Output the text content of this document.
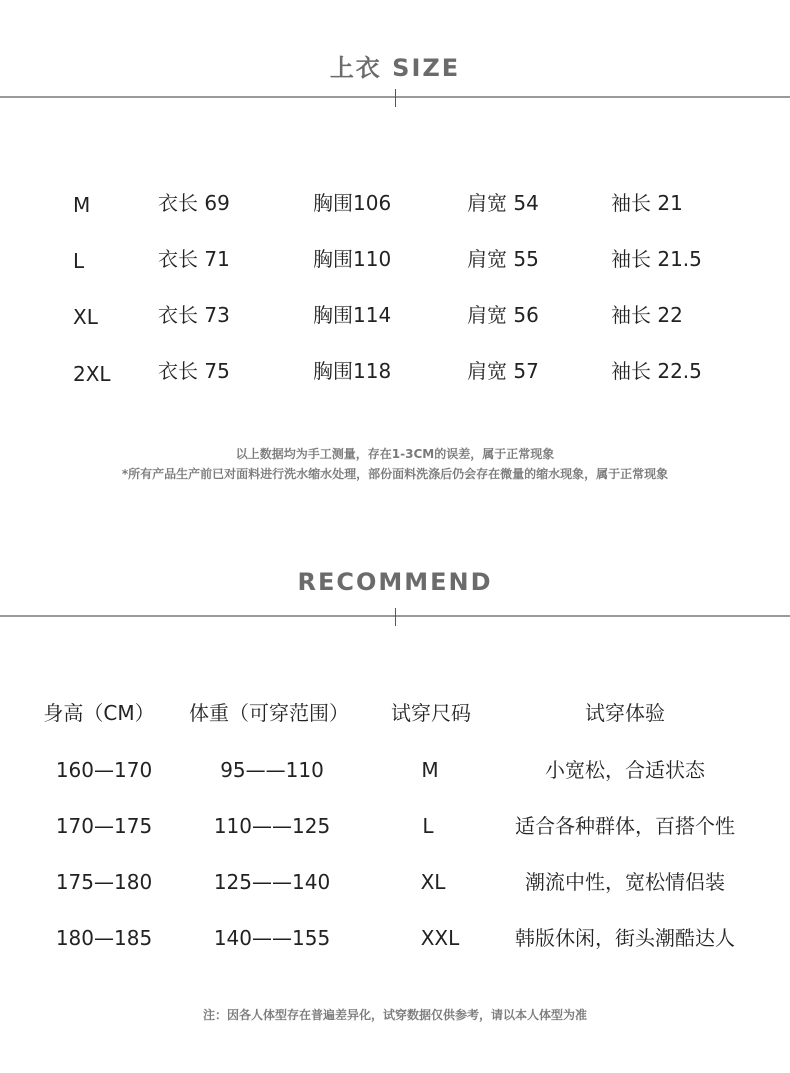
上衣 SIZE
M	衣长 69	胸围106	肩宽 54	袖长 21
L	衣长 71	胸围110	肩宽 55	袖长 21.5
XL	衣长 73	胸围114	肩宽 56	袖长 22
2XL 衣长 75	胸围118	肩宽 57	袖长 22.5
以上数据均为手工测量，存在1-3CM的误差，属于正常现象
*所有产品生产前已对面料进行洗水缩水处理，部份面料洗涤后仍会存在微量的缩水现象，属于正常现象
RECOMMEND
身高（CM） 体重（可穿范围） 试穿尺码	试穿体验
160—170	95——110	M	小宽松，合适状态
170—175	110——125	L	适合各种群体，百搭个性
175—180	125——140	XL	潮流中性，宽松情侣装
180—185	140——155	XXL	韩版休闲，街头潮酷达人
注：因各人体型存在普遍差异化，试穿数据仅供参考，请以本人体型为准
